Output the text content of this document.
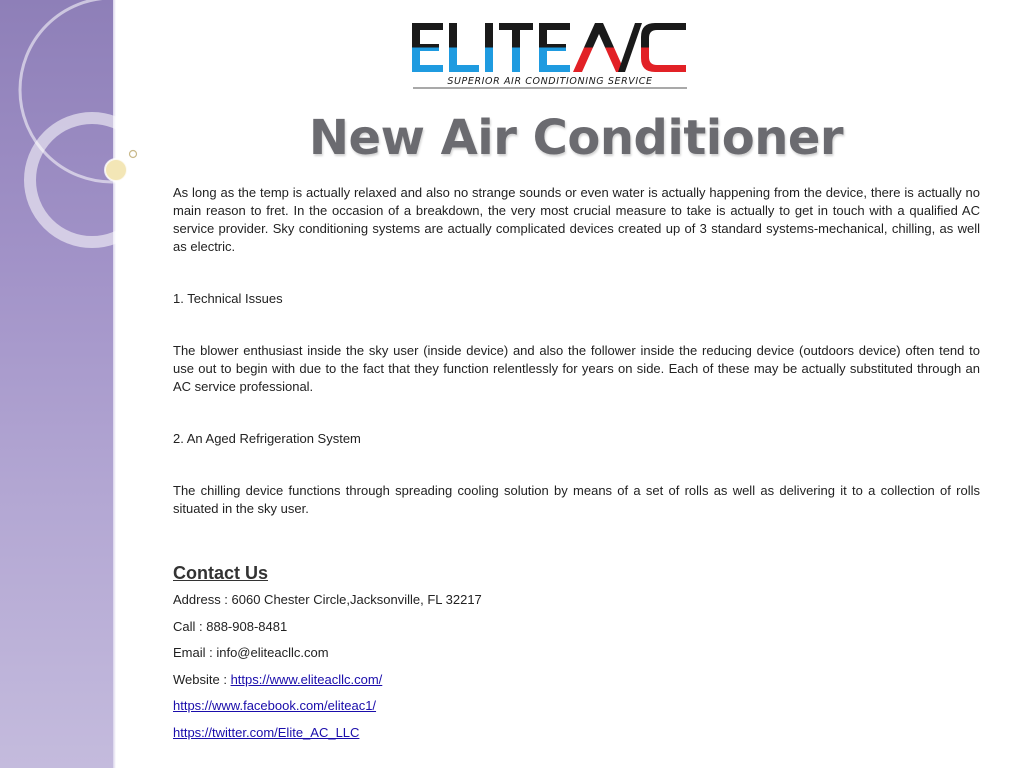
SUPERIOR AIR CONDITIONING SERVICE
New Air Conditioner

As long as the temp is actually relaxed and also no strange sounds or even water is actually happening from the device, there is actually no main reason to fret. In the occasion of a breakdown, the very most crucial measure to take is actually to get in touch with a qualified AC service provider. Sky conditioning systems are actually complicated devices created up of 3 standard systems-mechanical, chilling, as well as electric.

1. Technical Issues

The blower enthusiast inside the sky user (inside device) and also the follower inside the reducing device (outdoors device) often tend to use out to begin with due to the fact that they function relentlessly for years on side. Each of these may be actually substituted through an AC service professional.

2. An Aged Refrigeration System

The chilling device functions through spreading cooling solution by means of a set of rolls as well as delivering it to a collection of rolls situated in the sky user.

Contact Us

Address : 6060 Chester Circle,Jacksonville, FL 32217

Call : 888-908-8481

Email : info@eliteacllc.com

Website : https://www.eliteacllc.com/

https://www.facebook.com/eliteac1/

https://twitter.com/Elite_AC_LLC
